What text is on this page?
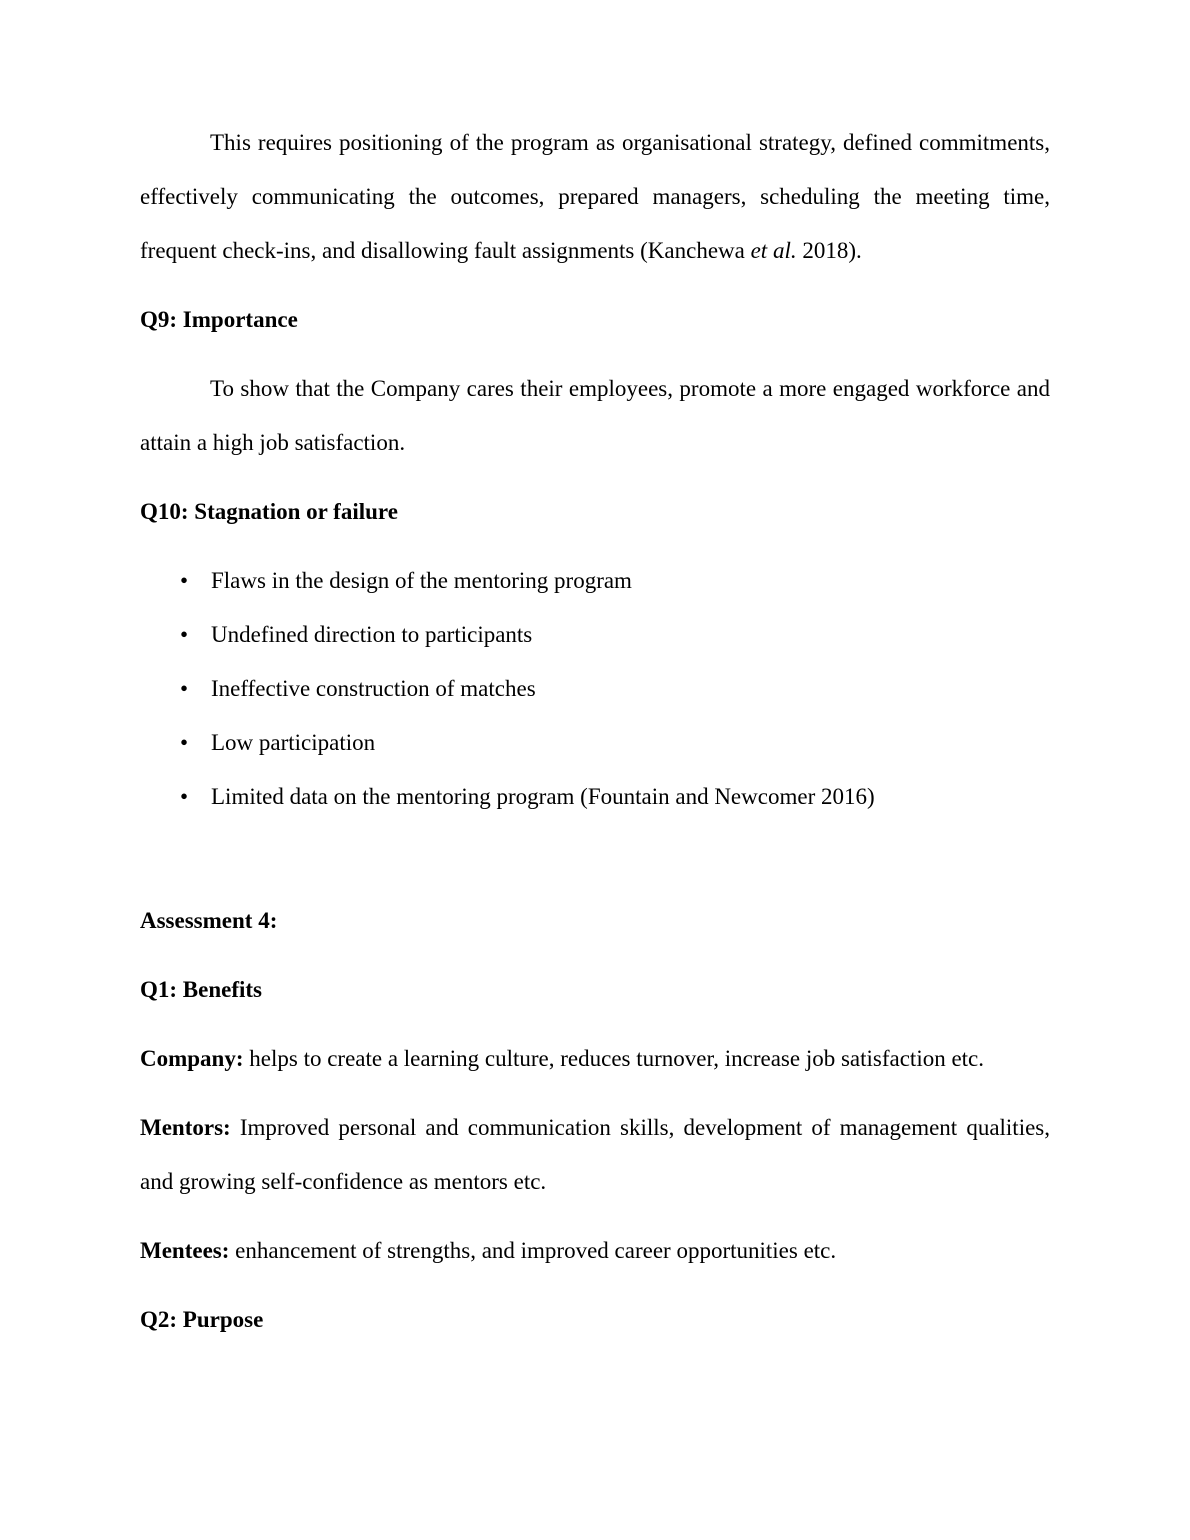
This requires positioning of the program as organisational strategy, defined commitments, effectively communicating the outcomes, prepared managers, scheduling the meeting time, frequent check-ins, and disallowing fault assignments (Kanchewa et al. 2018).

Q9: Importance

To show that the Company cares their employees, promote a more engaged workforce and attain a high job satisfaction.

Q10: Stagnation or failure

• Flaws in the design of the mentoring program
• Undefined direction to participants
• Ineffective construction of matches
• Low participation
• Limited data on the mentoring program (Fountain and Newcomer 2016)

Assessment 4:

Q1: Benefits

Company: helps to create a learning culture, reduces turnover, increase job satisfaction etc.

Mentors: Improved personal and communication skills, development of management qualities, and growing self-confidence as mentors etc.

Mentees: enhancement of strengths, and improved career opportunities etc.

Q2: Purpose
